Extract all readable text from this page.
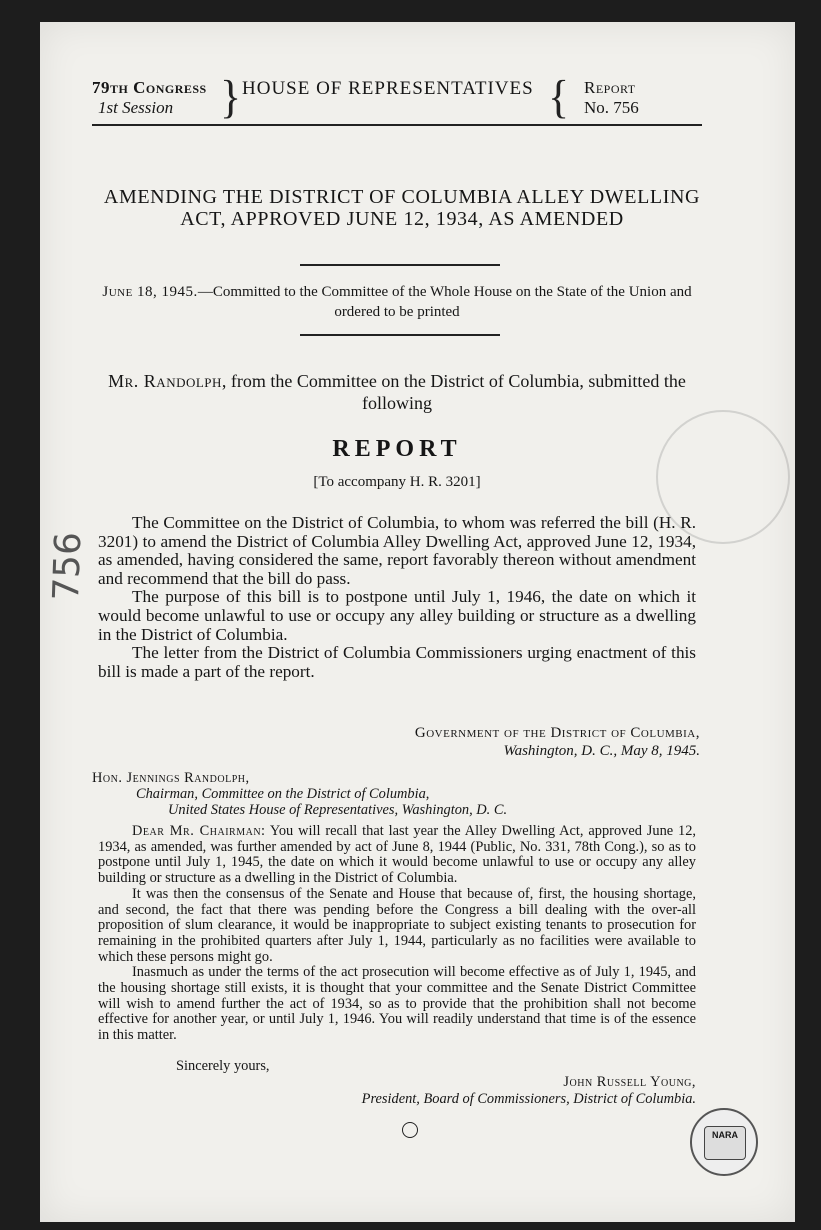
79th Congress
1st Session	} HOUSE OF REPRESENTATIVES { Report
No. 756
AMENDING THE DISTRICT OF COLUMBIA ALLEY DWELLING ACT, APPROVED JUNE 12, 1934, AS AMENDED
June 18, 1945.—Committed to the Committee of the Whole House on the State of the Union and ordered to be printed
Mr. Randolph, from the Committee on the District of Columbia, submitted the following
REPORT
[To accompany H. R. 3201]

The Committee on the District of Columbia, to whom was referred the bill (H. R. 3201) to amend the District of Columbia Alley Dwelling Act, approved June 12, 1934, as amended, having considered the same, report favorably thereon without amendment and recommend that the bill do pass.

The purpose of this bill is to postpone until July 1, 1946, the date on which it would become unlawful to use or occupy any alley building or structure as a dwelling in the District of Columbia.

The letter from the District of Columbia Commissioners urging enactment of this bill is made a part of the report.

Government of the District of Columbia,
Washington, D. C., May 8, 1945.
Hon. Jennings Randolph,
Chairman, Committee on the District of Columbia,
United States House of Representatives, Washington, D. C.

Dear Mr. Chairman: You will recall that last year the Alley Dwelling Act, approved June 12, 1934, as amended, was further amended by act of June 8, 1944 (Public, No. 331, 78th Cong.), so as to postpone until July 1, 1945, the date on which it would become unlawful to use or occupy any alley building or structure as a dwelling in the District of Columbia.

It was then the consensus of the Senate and House that because of, first, the housing shortage, and second, the fact that there was pending before the Congress a bill dealing with the over-all proposition of slum clearance, it would be inappropriate to subject existing tenants to prosecution for remaining in the prohibited quarters after July 1, 1944, particularly as no facilities were available to which these persons might go.

Inasmuch as under the terms of the act prosecution will become effective as of July 1, 1945, and the housing shortage still exists, it is thought that your committee and the Senate District Committee will wish to amend further the act of 1934, so as to provide that the prohibition shall not become effective for another year, or until July 1, 1946. You will readily understand that time is of the essence in this matter.

Sincerely yours,
John Russell Young,
President, Board of Commissioners, District of Columbia.
756
NARA
